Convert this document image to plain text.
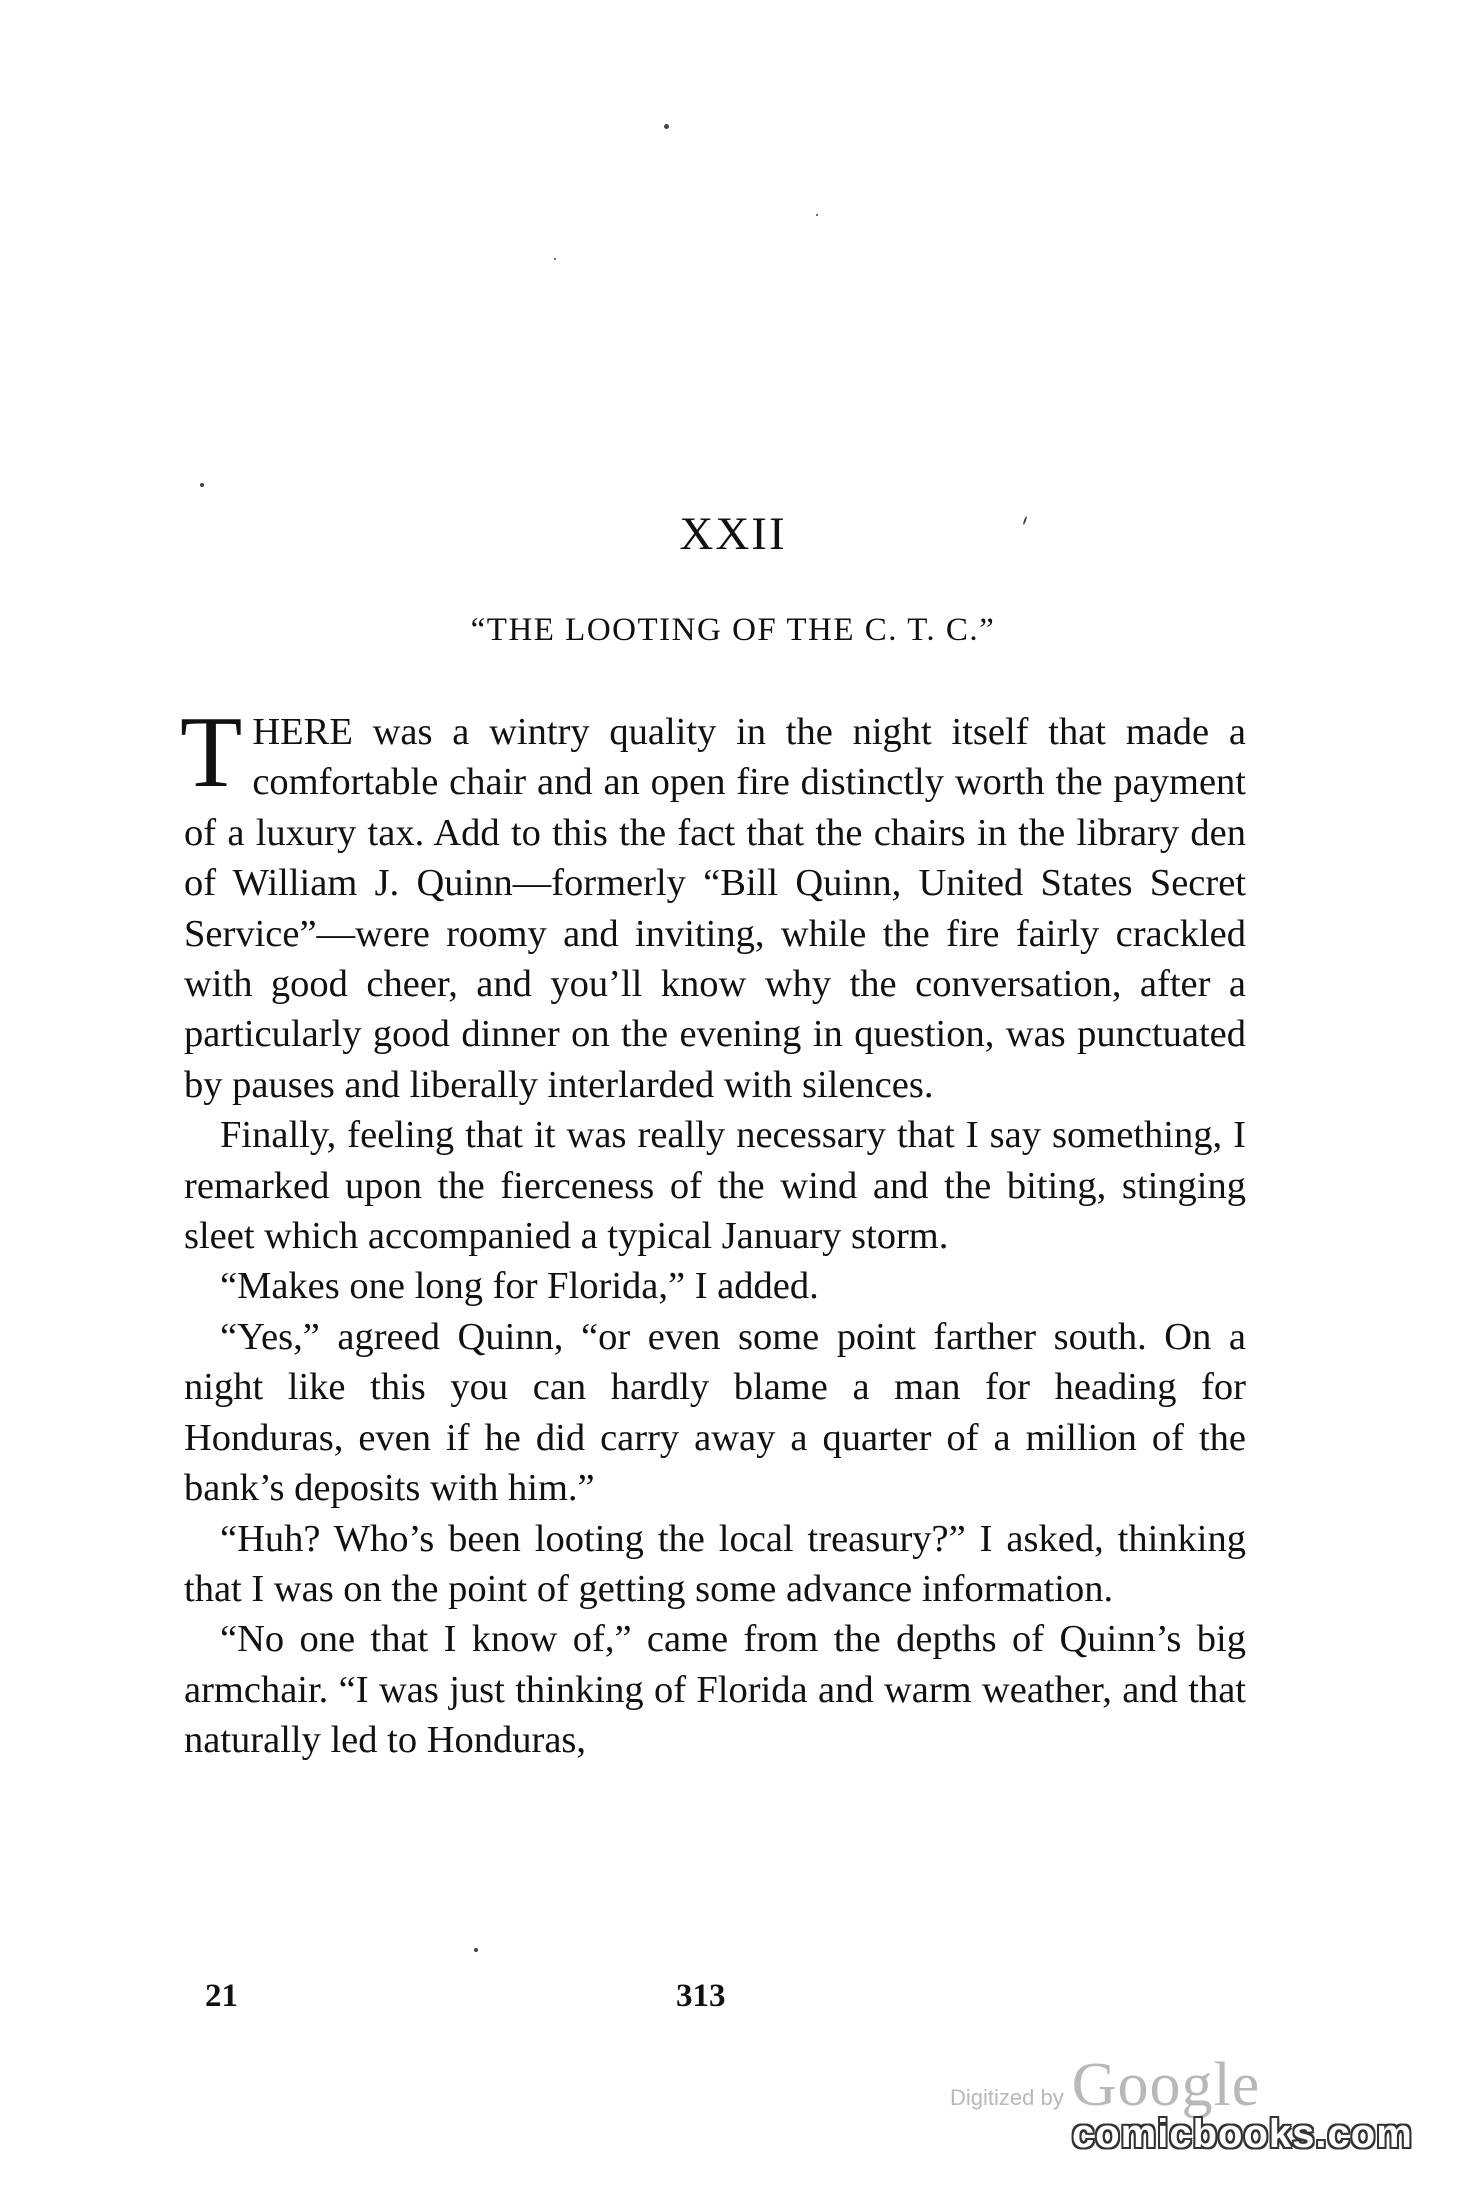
XXII
“THE LOOTING OF THE C. T. C.”

THERE was a wintry quality in the night itself that made a comfortable chair and an open fire distinctly worth the payment of a luxury tax. Add to this the fact that the chairs in the library den of William J. Quinn—formerly “Bill Quinn, United States Secret Service”—were roomy and inviting, while the fire fairly crackled with good cheer, and you’ll know why the conversation, after a particularly good dinner on the evening in question, was punctuated by pauses and liberally interlarded with silences.

Finally, feeling that it was really necessary that I say something, I remarked upon the fierceness of the wind and the biting, stinging sleet which accompanied a typical January storm.

“Makes one long for Florida,” I added.

“Yes,” agreed Quinn, “or even some point farther south. On a night like this you can hardly blame a man for heading for Honduras, even if he did carry away a quarter of a million of the bank’s deposits with him.”

“Huh? Who’s been looting the local treasury?” I asked, thinking that I was on the point of getting some advance information.

“No one that I know of,” came from the depths of Quinn’s big armchair. “I was just thinking of Florida and warm weather, and that naturally led to Honduras,

21	313
Digitized by Google
comicbooks.com
